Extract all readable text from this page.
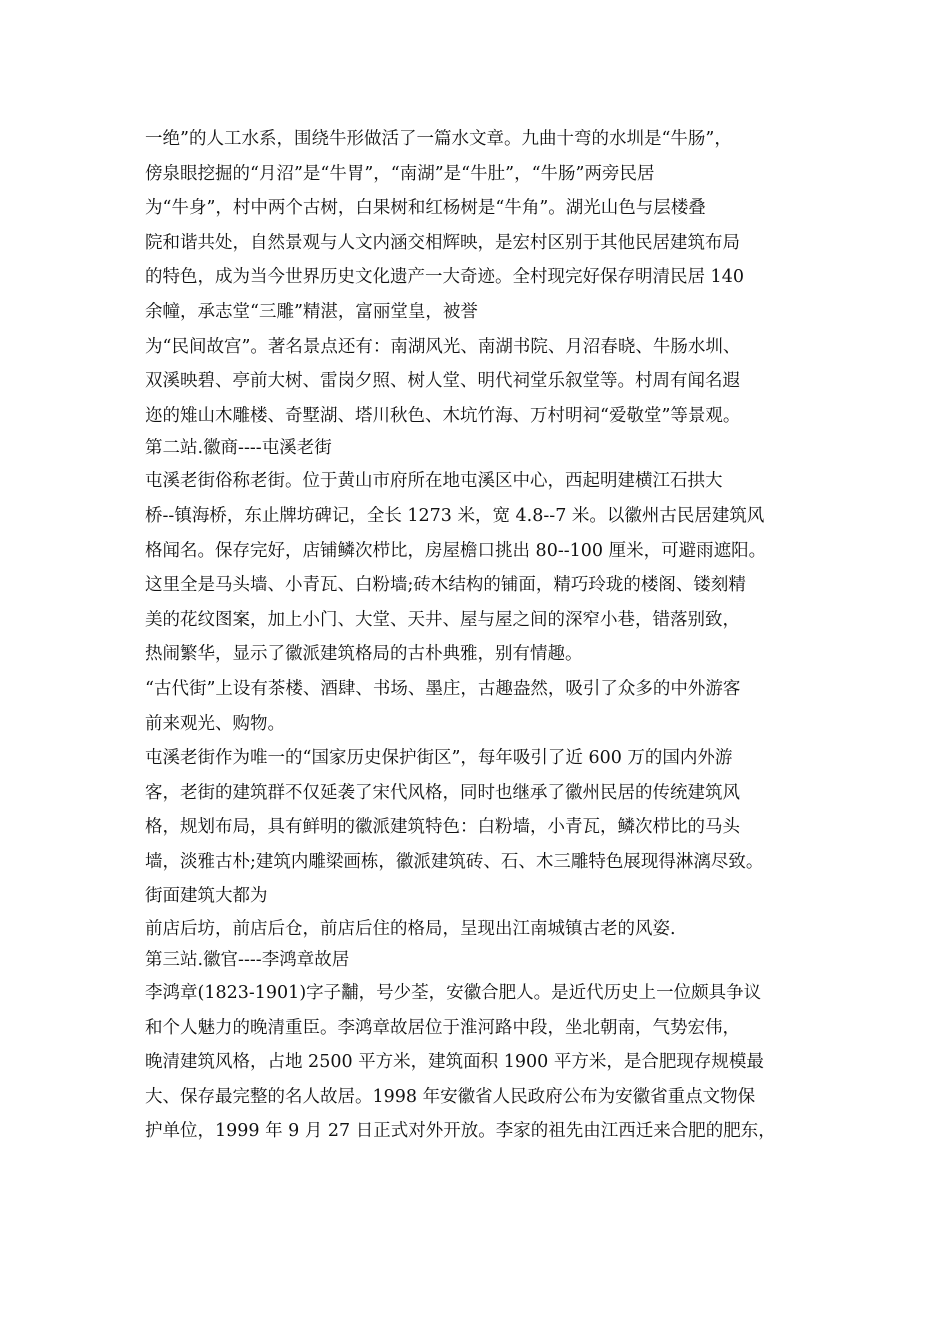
一绝”的人工水系，围绕牛形做活了一篇水文章。九曲十弯的水圳是“牛肠”，
傍泉眼挖掘的“月沼”是“牛胃”，“南湖”是“牛肚”，“牛肠”两旁民居
为“牛身”，村中两个古树，白果树和红杨树是“牛角”。湖光山色与层楼叠
院和谐共处，自然景观与人文内涵交相辉映，是宏村区别于其他民居建筑布局
的特色，成为当今世界历史文化遗产一大奇迹。全村现完好保存明清民居 140
余幢，承志堂“三雕”精湛，富丽堂皇，被誉
为“民间故宫”。著名景点还有：南湖风光、南湖书院、月沼春晓、牛肠水圳、
双溪映碧、亭前大树、雷岗夕照、树人堂、明代祠堂乐叙堂等。村周有闻名遐
迩的雉山木雕楼、奇墅湖、塔川秋色、木坑竹海、万村明祠“爱敬堂”等景观。
第二站.徽商----屯溪老街
屯溪老街俗称老街。位于黄山市府所在地屯溪区中心，西起明建横江石拱大
桥--镇海桥，东止牌坊碑记，全长 1273 米，宽 4.8--7 米。以徽州古民居建筑风
格闻名。保存完好，店铺鳞次栉比，房屋檐口挑出 80--100 厘米，可避雨遮阳。
这里全是马头墙、小青瓦、白粉墙;砖木结构的铺面，精巧玲珑的楼阁、镂刻精
美的花纹图案，加上小门、大堂、天井、屋与屋之间的深窄小巷，错落别致，
热闹繁华，显示了徽派建筑格局的古朴典雅，别有情趣。
“古代街”上设有茶楼、酒肆、书场、墨庄，古趣盎然，吸引了众多的中外游客
前来观光、购物。
屯溪老街作为唯一的“国家历史保护街区”，每年吸引了近 600 万的国内外游
客，老街的建筑群不仅延袭了宋代风格，同时也继承了徽州民居的传统建筑风
格，规划布局，具有鲜明的徽派建筑特色：白粉墙，小青瓦，鳞次栉比的马头
墙，淡雅古朴;建筑内雕梁画栋，徽派建筑砖、石、木三雕特色展现得淋漓尽致。
街面建筑大都为
前店后坊，前店后仓，前店后住的格局，呈现出江南城镇古老的风姿.
第三站.徽官----李鸿章故居
李鸿章(1823-1901)字子黼，号少荃，安徽合肥人。是近代历史上一位颇具争议
和个人魅力的晚清重臣。李鸿章故居位于淮河路中段，坐北朝南，气势宏伟，
晚清建筑风格，占地 2500 平方米，建筑面积 1900 平方米，是合肥现存规模最
大、保存最完整的名人故居。1998 年安徽省人民政府公布为安徽省重点文物保
护单位，1999 年 9 月 27 日正式对外开放。李家的祖先由江西迁来合肥的肥东，
